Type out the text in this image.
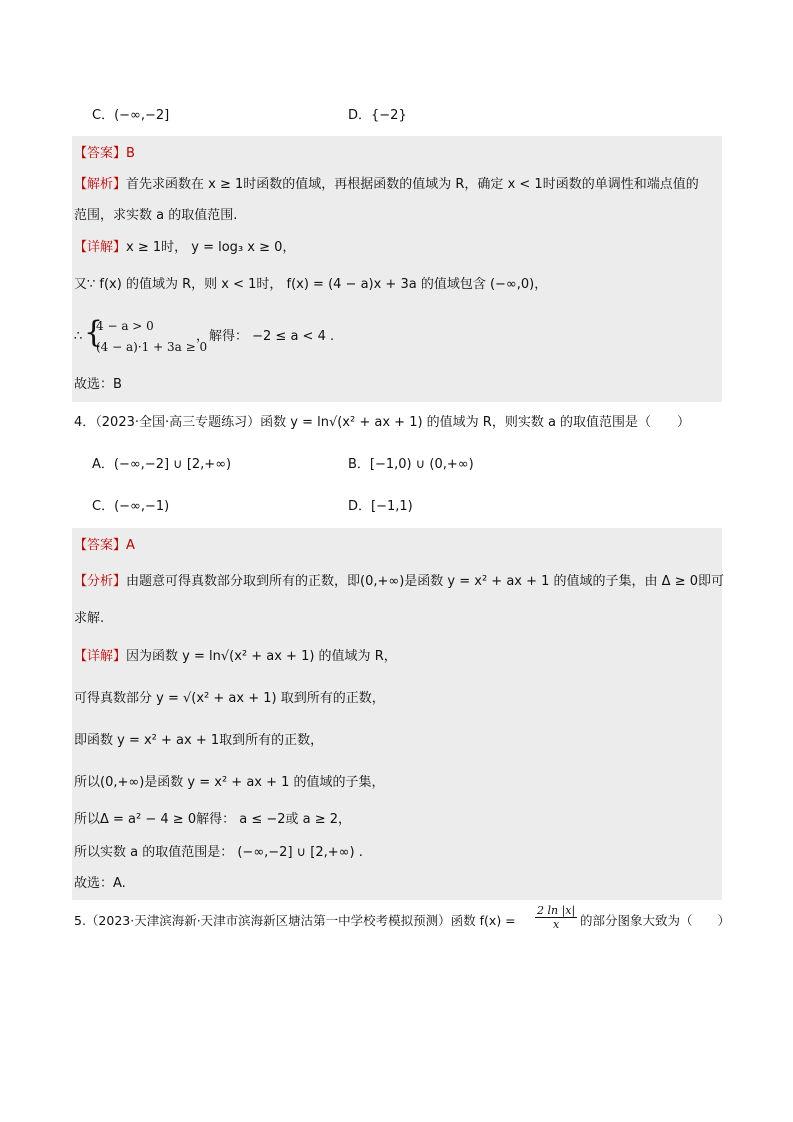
C．(−∞,−2]	D．{−2}
【答案】B
【解析】首先求函数在 x ≥ 1时函数的值域，再根据函数的值域为 R，确定 x < 1时函数的单调性和端点值的
范围，求实数 a 的取值范围.
【详解】x ≥ 1时， y = log₃ x ≥ 0，
又∵ f(x) 的值域为 R，则 x < 1时， f(x) = (4 − a)x + 3a 的值域包含 (−∞,0)，
∴ {
4 − a > 0
(4 − a)·1 + 3a ≥ 0
，解得： −2 ≤ a < 4 .
故选：B
4．（2023·全国·高三专题练习）函数 y = ln√(x² + ax + 1) 的值域为 R，则实数 a 的取值范围是（　　）
A．(−∞,−2] ∪ [2,+∞)	B．[−1,0) ∪ (0,+∞)
C．(−∞,−1)	D．[−1,1)
【答案】A
【分析】由题意可得真数部分取到所有的正数，即(0,+∞)是函数 y = x² + ax + 1 的值域的子集，由 Δ ≥ 0即可
求解.
【详解】因为函数 y = ln√(x² + ax + 1) 的值域为 R，
可得真数部分 y = √(x² + ax + 1) 取到所有的正数，
即函数 y = x² + ax + 1取到所有的正数，
所以(0,+∞)是函数 y = x² + ax + 1 的值域的子集，
所以Δ = a² − 4 ≥ 0解得： a ≤ −2或 a ≥ 2，
所以实数 a 的取值范围是： (−∞,−2] ∪ [2,+∞) .
故选：A.
5.（2023·天津滨海新·天津市滨海新区塘沽第一中学校考模拟预测）函数 $f(x) = \frac{2 \ln |x|}{x}$ 的部分图象大致为（　　）
